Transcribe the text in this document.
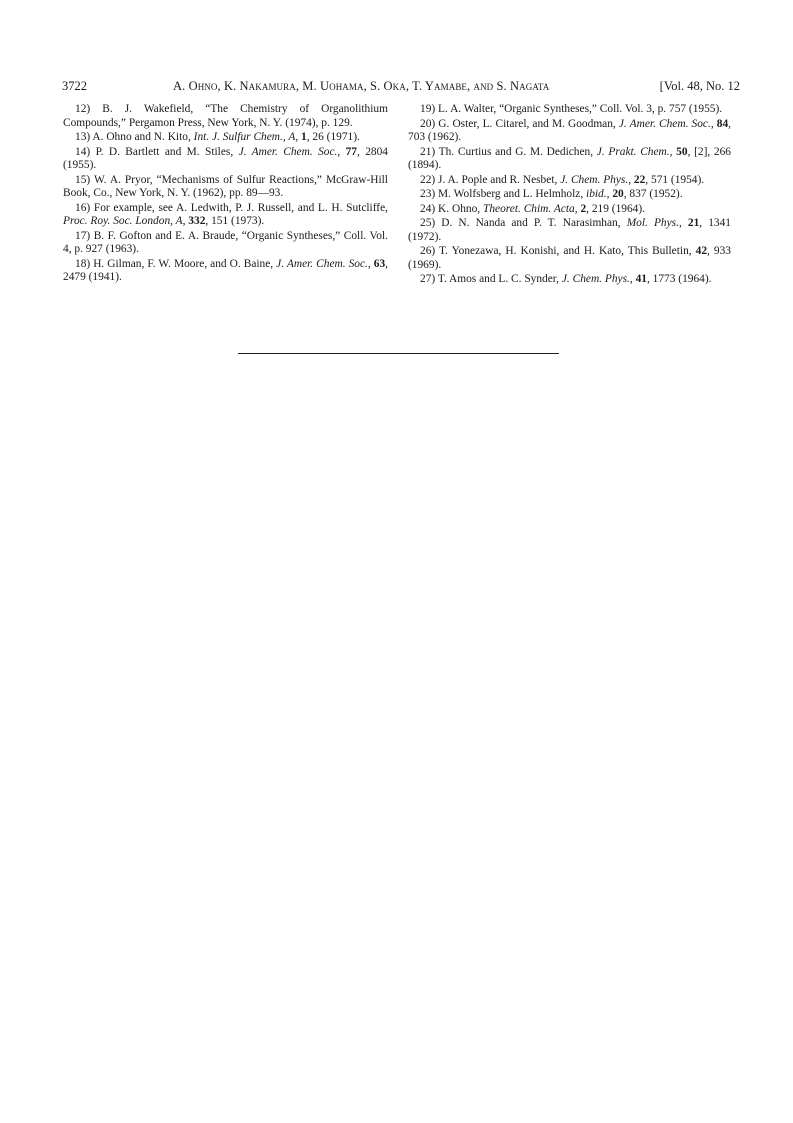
3722	A. Ohno, K. Nakamura, M. Uohama, S. Oka, T. Yamabe, and S. Nagata	[Vol. 48, No. 12

12) B. J. Wakefield, “The Chemistry of Organolithium Compounds,” Pergamon Press, New York, N. Y. (1974), p. 129.

13) A. Ohno and N. Kito, Int. J. Sulfur Chem., A, 1, 26 (1971).

14) P. D. Bartlett and M. Stiles, J. Amer. Chem. Soc., 77, 2804 (1955).

15) W. A. Pryor, “Mechanisms of Sulfur Reactions,” McGraw-Hill Book, Co., New York, N. Y. (1962), pp. 89—93.

16) For example, see A. Ledwith, P. J. Russell, and L. H. Sutcliffe, Proc. Roy. Soc. London, A, 332, 151 (1973).

17) B. F. Gofton and E. A. Braude, “Organic Syntheses,” Coll. Vol. 4, p. 927 (1963).

18) H. Gilman, F. W. Moore, and O. Baine, J. Amer. Chem. Soc., 63, 2479 (1941).

19) L. A. Walter, “Organic Syntheses,” Coll. Vol. 3, p. 757 (1955).

20) G. Oster, L. Citarel, and M. Goodman, J. Amer. Chem. Soc., 84, 703 (1962).

21) Th. Curtius and G. M. Dedichen, J. Prakt. Chem., 50, [2], 266 (1894).

22) J. A. Pople and R. Nesbet, J. Chem. Phys., 22, 571 (1954).

23) M. Wolfsberg and L. Helmholz, ibid., 20, 837 (1952).

24) K. Ohno, Theoret. Chim. Acta, 2, 219 (1964).

25) D. N. Nanda and P. T. Narasimhan, Mol. Phys., 21, 1341 (1972).

26) T. Yonezawa, H. Konishi, and H. Kato, This Bulletin, 42, 933 (1969).

27) T. Amos and L. C. Synder, J. Chem. Phys., 41, 1773 (1964).
